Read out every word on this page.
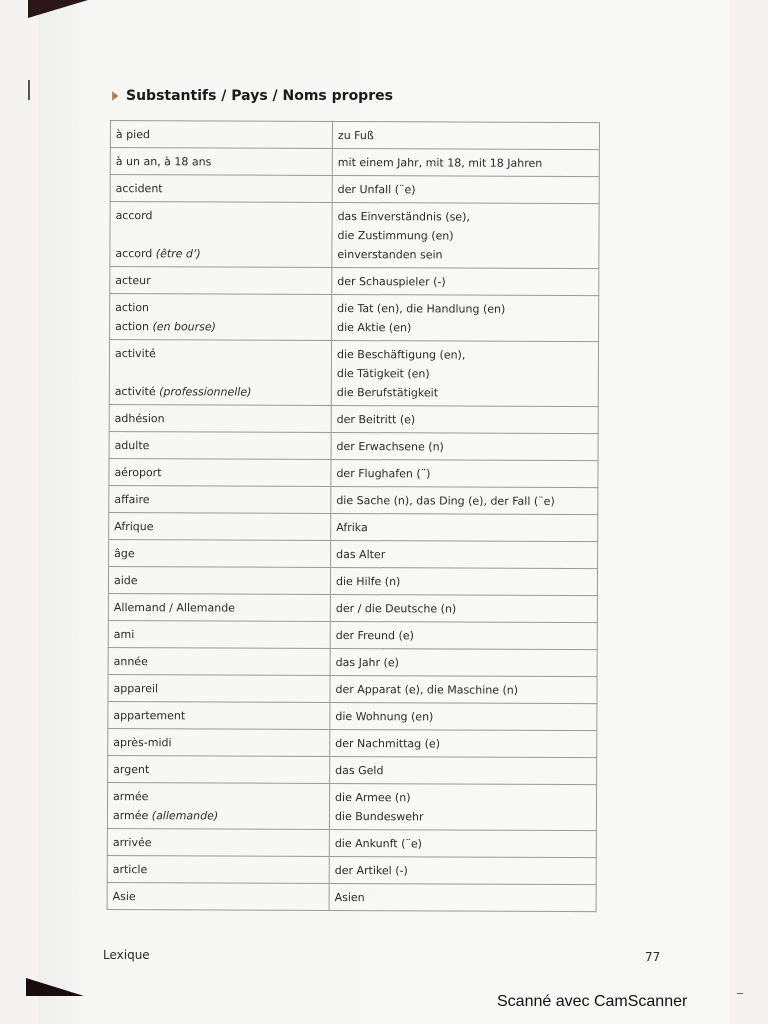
Substantifs / Pays / Noms propres
à pied	zu Fuß

à un an, à 18 ans	mit einem Jahr, mit 18, mit 18 Jahren

accident	der Unfall (¨e)

accord
accord (être d’)	das Einverständnis (se),
die Zustimmung (en)
einverstanden sein

acteur	der Schauspieler (-)

action
action (en bourse)	die Tat (en), die Handlung (en)
die Aktie (en)

activité
activité (professionnelle)	die Beschäftigung (en),
die Tätigkeit (en)
die Berufstätigkeit

adhésion	der Beitritt (e)

adulte	der Erwachsene (n)

aéroport	der Flughafen (¨)

affaire	die Sache (n), das Ding (e), der Fall (¨e)

Afrique	Afrika

âge	das Alter

aide	die Hilfe (n)

Allemand / Allemande	der / die Deutsche (n)

ami	der Freund (e)

année	das Jahr (e)

appareil	der Apparat (e), die Maschine (n)

appartement	die Wohnung (en)

après-midi	der Nachmittag (e)

argent	das Geld

armée
armée (allemande)	die Armee (n)
die Bundeswehr

arrivée	die Ankunft (¨e)

article	der Artikel (-)

Asie	Asien
Lexique	77
Scanné avec CamScanner
